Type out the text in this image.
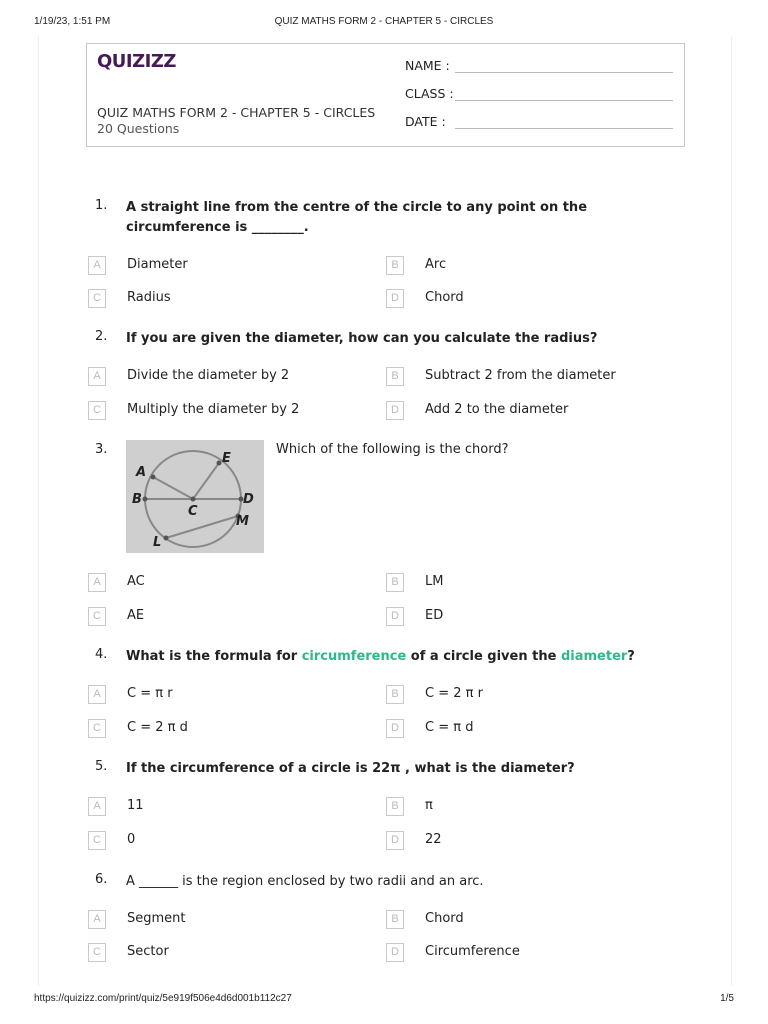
1/19/23, 1:51 PM	QUIZ MATHS FORM 2 - CHAPTER 5 - CIRCLES
https://quizizz.com/print/quiz/5e919f506e4d6d001b112c27	1/5
QUIZIZZ
QUIZ MATHS FORM 2 - CHAPTER 5 - CIRCLES
20 Questions
NAME :
CLASS :
DATE :
1. A straight line from the centre of the circle to any point on the circumference is ________.
A	Diameter	B	Arc
C	Radius	D	Chord
2. If you are given the diameter, how can you calculate the radius?
A	Divide the diameter by 2	B	Subtract 2 from the diameter
C	Multiply the diameter by 2	D	Add 2 to the diameter
3.
A
E
B	D
C
M
L
Which of the following is the chord?
A	AC	B	LM
C	AE	D	ED
4. What is the formula for circumference of a circle given the diameter?
A	C = π r	B	C = 2 π r
C	C = 2 π d	D	C = π d
5. If the circumference of a circle is 22π , what is the diameter?
A	11	B	π
C	0	D	22
6. A ______ is the region enclosed by two radii and an arc.
A	Segment	B	Chord
C	Sector	D	Circumference
